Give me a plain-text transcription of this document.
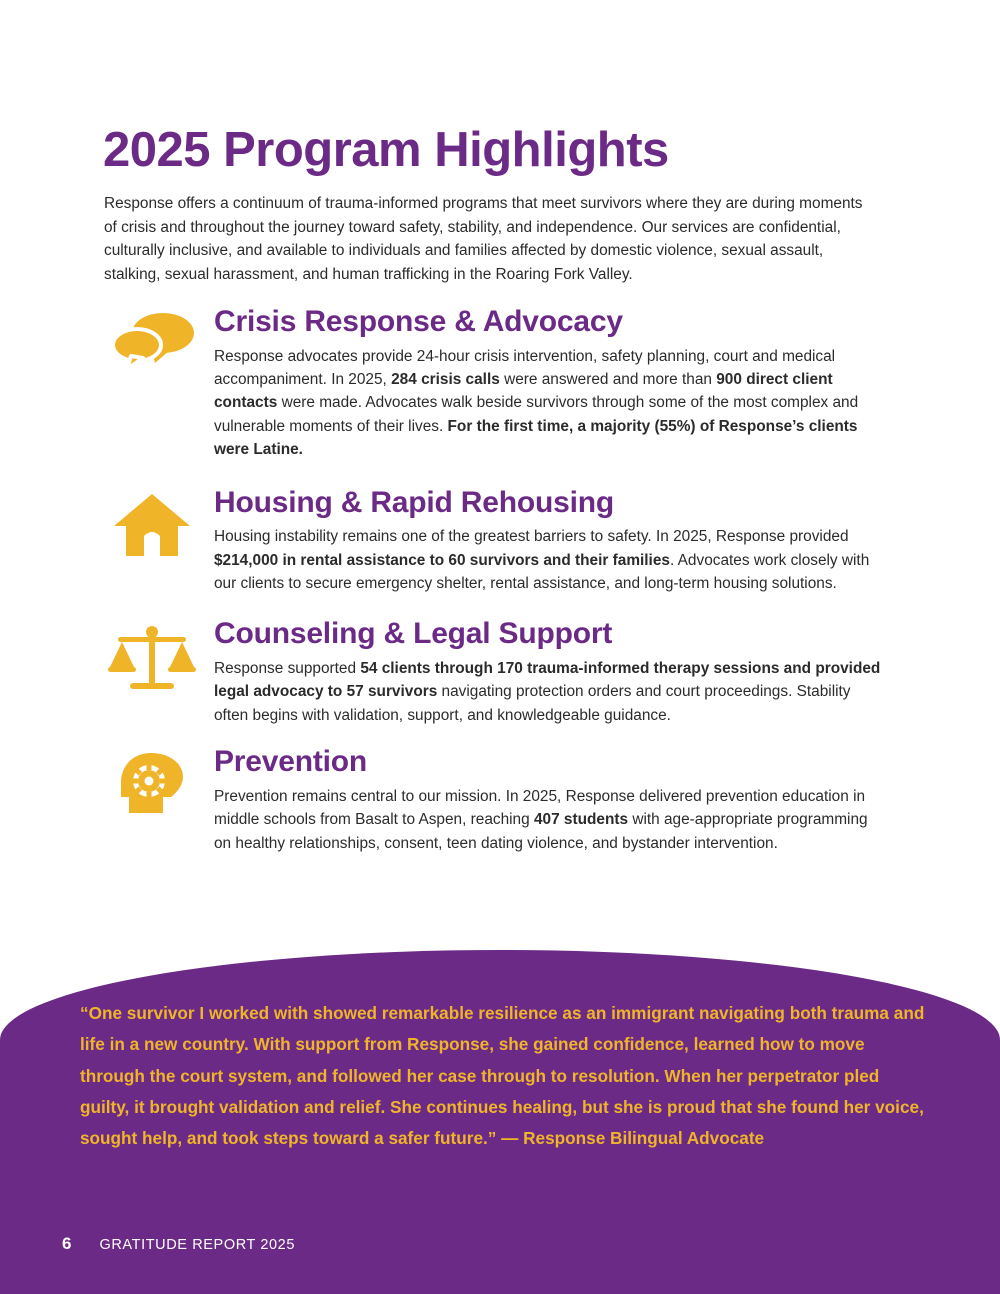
2025 Program Highlights

Response offers a continuum of trauma-informed programs that meet survivors where they are during moments of crisis and throughout the journey toward safety, stability, and independence. Our services are confidential, culturally inclusive, and available to individuals and families affected by domestic violence, sexual assault, stalking, sexual harassment, and human trafficking in the Roaring Fork Valley.

Crisis Response & Advocacy
Response advocates provide 24-hour crisis intervention, safety planning, court and medical accompaniment. In 2025, 284 crisis calls were answered and more than 900 direct client contacts were made. Advocates walk beside survivors through some of the most complex and vulnerable moments of their lives. For the first time, a majority (55%) of Response’s clients were Latine.
Housing & Rapid Rehousing
Housing instability remains one of the greatest barriers to safety. In 2025, Response provided $214,000 in rental assistance to 60 survivors and their families. Advocates work closely with our clients to secure emergency shelter, rental assistance, and long-term housing solutions.
Counseling & Legal Support
Response supported 54 clients through 170 trauma-informed therapy sessions and provided legal advocacy to 57 survivors navigating protection orders and court proceedings. Stability often begins with validation, support, and knowledgeable guidance.
Prevention
Prevention remains central to our mission. In 2025, Response delivered prevention education in middle schools from Basalt to Aspen, reaching 407 students with age-appropriate programming on healthy relationships, consent, teen dating violence, and bystander intervention.
“One survivor I worked with showed remarkable resilience as an immigrant navigating both trauma and life in a new country. With support from Response, she gained confidence, learned how to move through the court system, and followed her case through to resolution. When her perpetrator pled guilty, it brought validation and relief. She continues healing, but she is proud that she found her voice, sought help, and took steps toward a safer future.” — Response Bilingual Advocate
6 GRATITUDE REPORT 2025
